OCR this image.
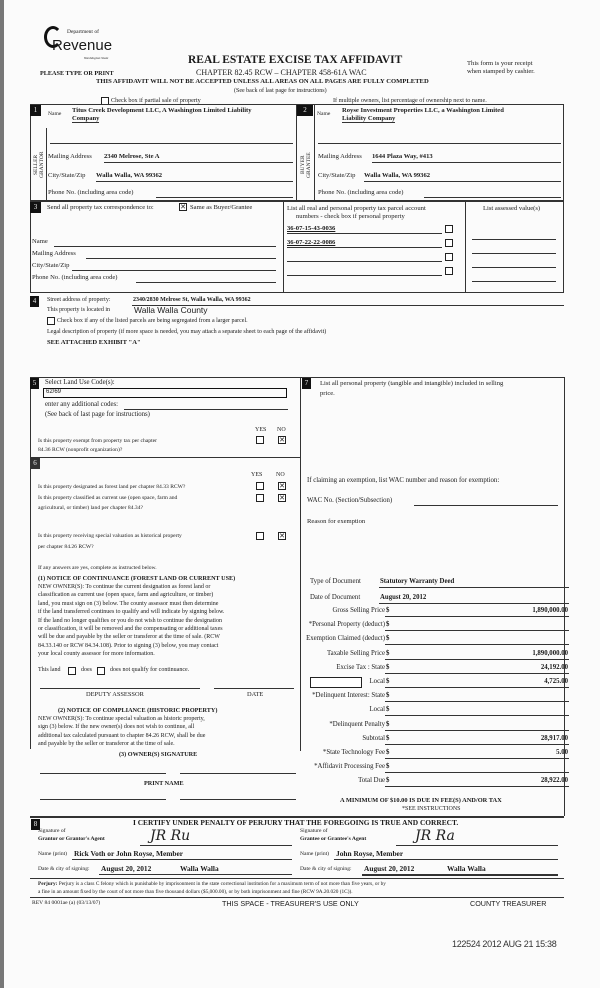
Department of
Revenue
Washington State
PLEASE TYPE OR PRINT
REAL ESTATE EXCISE TAX AFFIDAVIT
CHAPTER 82.45 RCW – CHAPTER 458-61A WAC
THIS AFFIDAVIT WILL NOT BE ACCEPTED UNLESS ALL AREAS ON ALL PAGES ARE FULLY COMPLETED
(See back of last page for instructions)
This form is your receipt
when stamped by cashier.
Check box if partial sale of property	If multiple owners, list percentage of ownership next to name.
1
SELLER GRANTOR
Name Titus Creek Development LLC, A Washington Limited Liability
Company
Mailing Address 2340 Melrose, Ste A
City/State/Zip Walla Walla, WA 99362
Phone No. (including area code)
2
BUYER GRANTEE
Name Royse Investment Properties LLC, a Washington Limited
Liability Company
Mailing Address 1644 Plaza Way, #413
City/State/Zip Walla Walla, WA 99362
Phone No. (including area code)
3	Send all property tax correspondence to: ✕	Same as Buyer/Grantee
Name
Mailing Address
City/State/Zip
Phone No. (including area code)
List all real and personal property tax parcel account
numbers - check box if personal property
List assessed value(s)
36-07-15-43-0036
36-07-22-22-0086
4	Street address of property:	2340/2830 Melrose St, Walla Walla, WA 99362
This property is located in	Walla Walla County
Check box if any of the listed parcels are being segregated from a larger parcel.
Legal description of property (if more space is needed, you may attach a separate sheet to each page of the affidavit)
SEE ATTACHED EXHIBIT "A"
5	Select Land Use Code(s):
62/69
enter any additional codes:
(See back of last page for instructions)
YES NO
Is this property exempt from property tax per chapter
84.36 RCW (nonprofit organization)?
✕
6
YES NO
Is this property designated as forest land per chapter 84.33 RCW?
✕
Is this property classified as current use (open space, farm and
agricultural, or timber) land per chapter 84.34?
✕
Is this property receiving special valuation as historical property
per chapter 84.26 RCW?
✕
If any answers are yes, complete as instructed below.
(1) NOTICE OF CONTINUANCE (FOREST LAND OR CURRENT USE)
NEW OWNER(S): To continue the current designation as forest land or
classification as current use (open space, farm and agriculture, or timber)
land, you must sign on (3) below. The county assessor must then determine
if the land transferred continues to qualify and will indicate by signing below.
If the land no longer qualifies or you do not wish to continue the designation
or classification, it will be removed and the compensating or additional taxes
will be due and payable by the seller or transferor at the time of sale. (RCW
84.33.140 or RCW 84.34.108). Prior to signing (3) below, you may contact
your local county assessor for more information.
This land	does	does not qualify for continuance.
DEPUTY ASSESSOR	DATE
(2) NOTICE OF COMPLIANCE (HISTORIC PROPERTY)
NEW OWNER(S): To continue special valuation as historic property,
sign (3) below. If the new owner(s) does not wish to continue, all
additional tax calculated pursuant to chapter 84.26 RCW, shall be due
and payable by the seller or transferor at the time of sale.
(3) OWNER(S) SIGNATURE
PRINT NAME
7	List all personal property (tangible and intangible) included in selling
price.
If claiming an exemption, list WAC number and reason for exemption:
WAC No. (Section/Subsection)
Reason for exemption
Type of Document	Statutory Warranty Deed
Date of Document	August 20, 2012
Gross Selling Price $	1,890,000.00
*Personal Property (deduct) $
Exemption Claimed (deduct) $
Taxable Selling Price $	1,890,000.00
Excise Tax : State $	24,192.00
Local $	4,725.00
*Delinquent Interest: State $
Local $
*Delinquent Penalty $
Subtotal $	28,917.00
*State Technology Fee $	5.00
*Affidavit Processing Fee $
Total Due $	28,922.00
A MINIMUM OF $10.00 IS DUE IN FEE(S) AND/OR TAX
*SEE INSTRUCTIONS
8	I CERTIFY UNDER PENALTY OF PERJURY THAT THE FOREGOING IS TRUE AND CORRECT.
Signature of
Grantor or Grantor's Agent	JR Ru	Signature of
Grantee or Grantee's Agent	JR Ra
Name (print) Rick Voth or John Royse, Member	Name (print) John Royse, Member
Date & city of signing: August 20, 2012	Walla Walla	Date & city of signing: August 20, 2012	Walla Walla
Perjury: Perjury is a class C felony which is punishable by imprisonment in the state correctional institution for a maximum term of not more than five years, or by
a fine in an amount fixed by the court of not more than five thousand dollars ($5,000.00), or by both imprisonment and fine (RCW 9A.20.020 (1C)).
REV 84 0001ae (a) (03/13/07)	THIS SPACE - TREASURER'S USE ONLY	COUNTY TREASURER
122524 2012 AUG 21 15:38
